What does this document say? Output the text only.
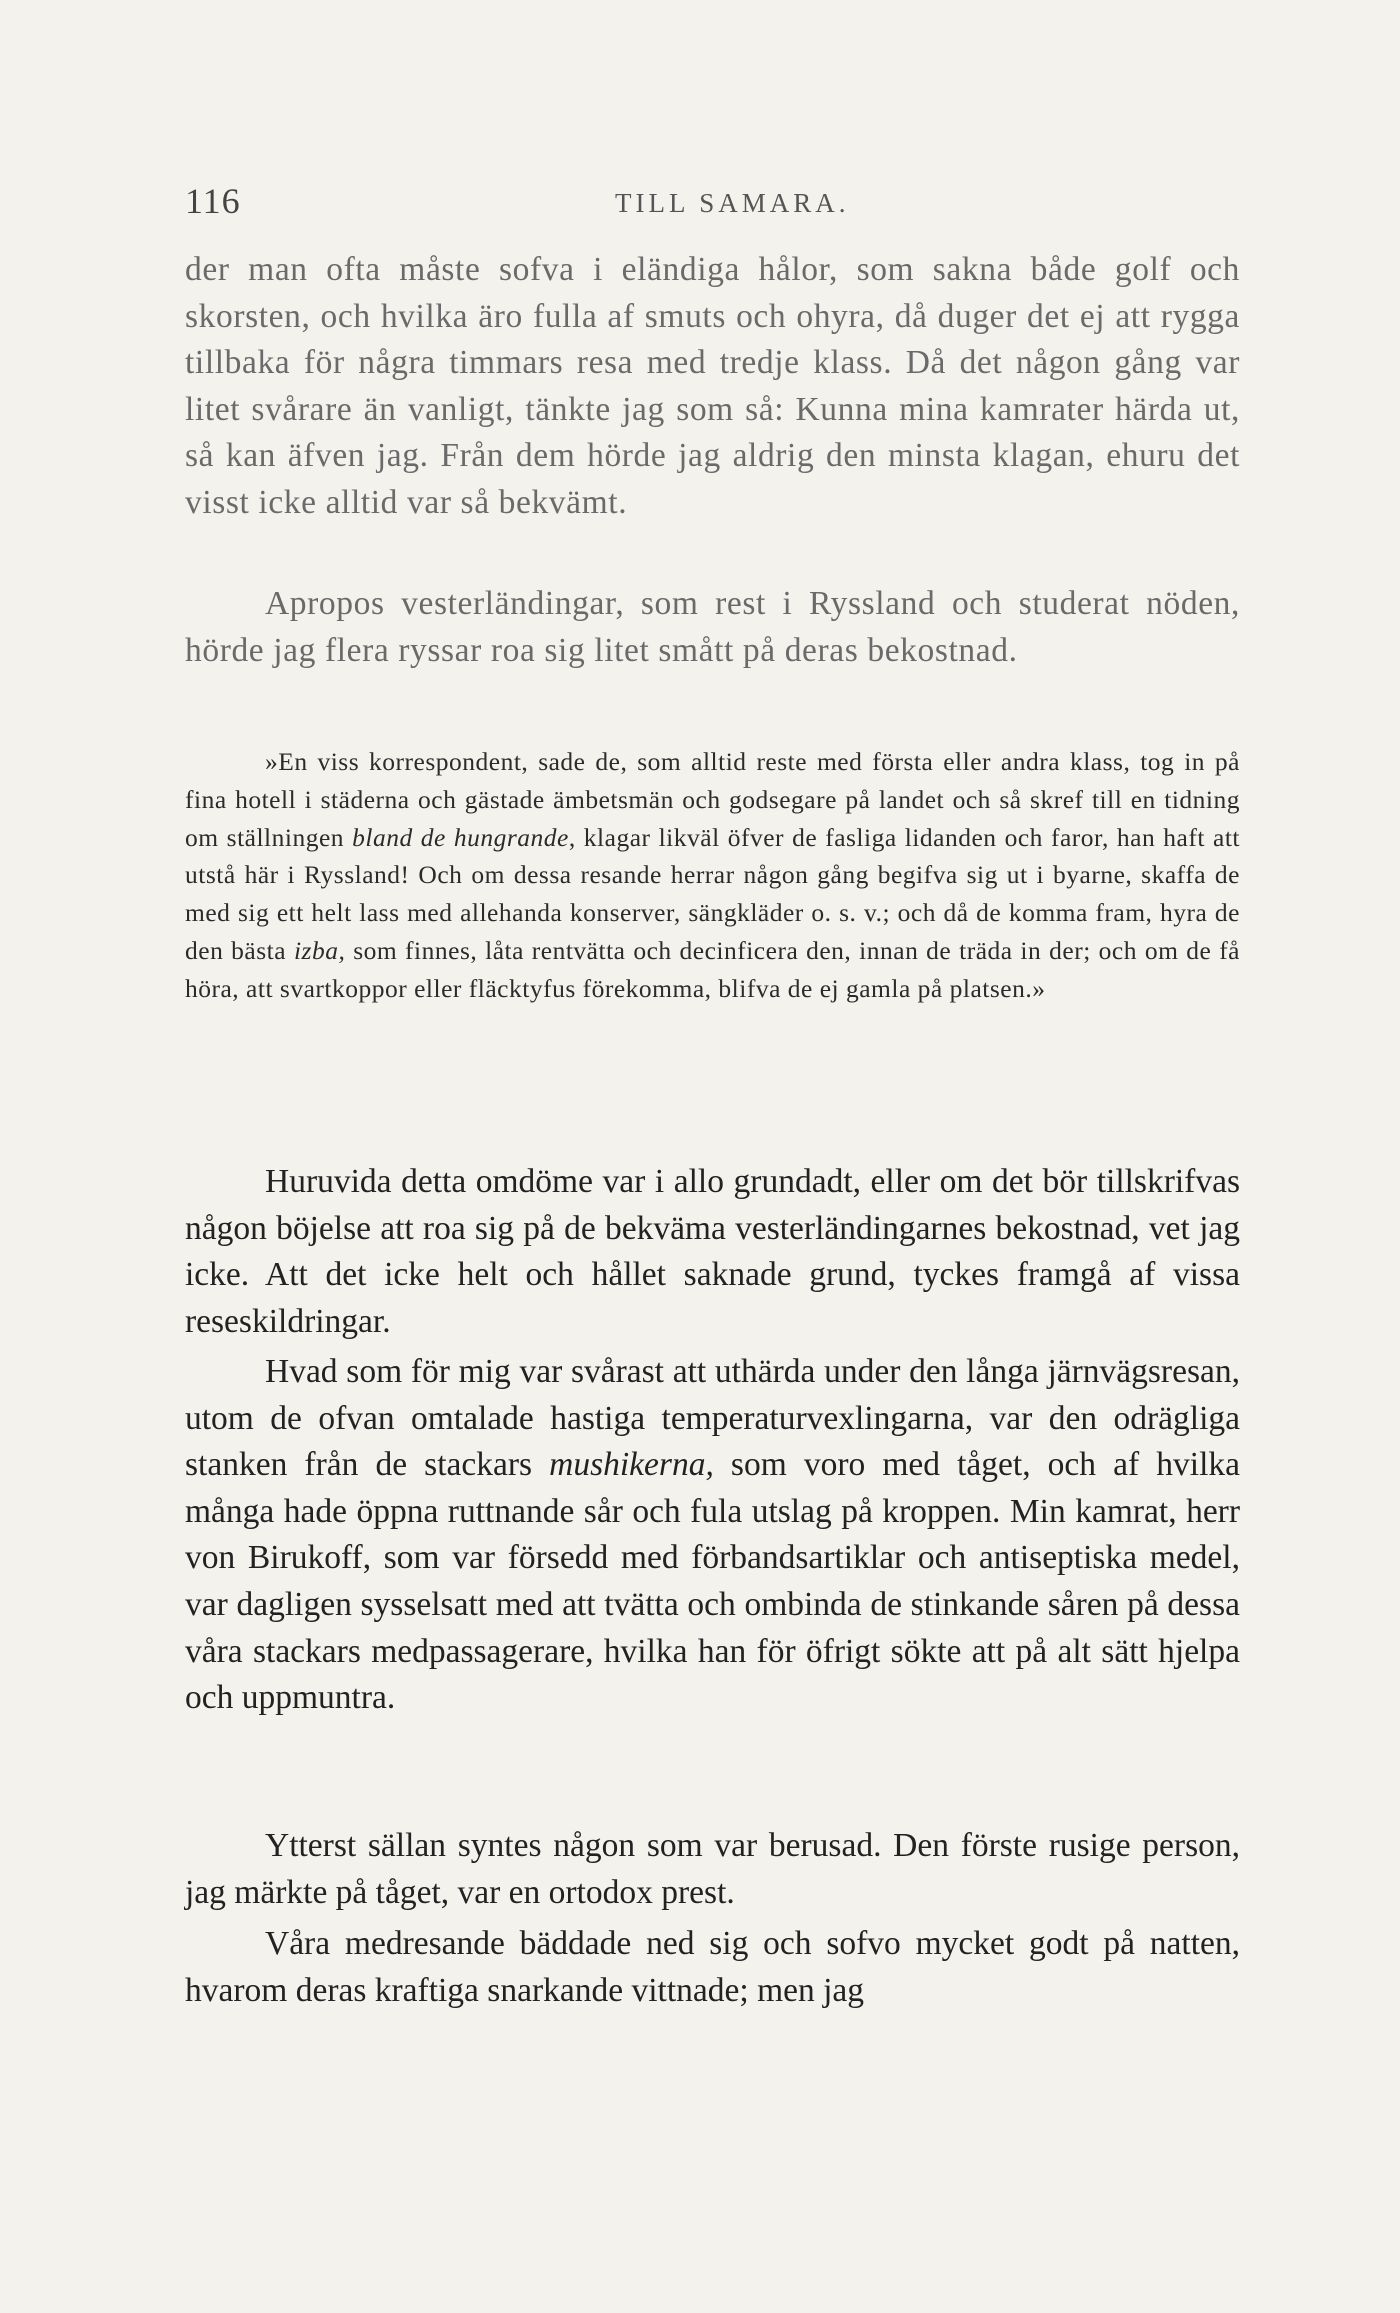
116	TILL SAMARA.

der man ofta måste sofva i eländiga hålor, som sakna både golf och skorsten, och hvilka äro fulla af smuts och ohyra, då duger det ej att rygga tillbaka för några timmars resa med tredje klass. Då det någon gång var litet svårare än vanligt, tänkte jag som så: Kunna mina kamrater härda ut, så kan äfven jag. Från dem hörde jag aldrig den minsta klagan, ehuru det visst icke alltid var så bekvämt.

Apropos vesterländingar, som rest i Ryssland och studerat nöden, hörde jag flera ryssar roa sig litet smått på deras bekostnad.

»En viss korrespondent, sade de, som alltid reste med första eller andra klass, tog in på fina hotell i städerna och gästade ämbetsmän och godsegare på landet och så skref till en tidning om ställningen bland de hungrande, klagar likväl öfver de fasliga lidanden och faror, han haft att utstå här i Ryssland! Och om dessa resande herrar någon gång begifva sig ut i byarne, skaffa de med sig ett helt lass med allehanda konserver, sängkläder o. s. v.; och då de komma fram, hyra de den bästa izba, som finnes, låta rentvätta och decinficera den, innan de träda in der; och om de få höra, att svartkoppor eller fläcktyfus förekomma, blifva de ej gamla på platsen.»

Huruvida detta omdöme var i allo grundadt, eller om det bör tillskrifvas någon böjelse att roa sig på de bekväma vesterländingarnes bekostnad, vet jag icke. Att det icke helt och hållet saknade grund, tyckes framgå af vissa reseskildringar.

Hvad som för mig var svårast att uthärda under den långa järnvägsresan, utom de ofvan omtalade hastiga temperaturvexlingarna, var den odrägliga stanken från de stackars mushikerna, som voro med tåget, och af hvilka många hade öppna ruttnande sår och fula utslag på kroppen. Min kamrat, herr von Birukoff, som var försedd med förbandsartiklar och antiseptiska medel, var dagligen sysselsatt med att tvätta och ombinda de stinkande såren på dessa våra stackars medpassagerare, hvilka han för öfrigt sökte att på alt sätt hjelpa och uppmuntra.

Ytterst sällan syntes någon som var berusad. Den förste rusige person, jag märkte på tåget, var en ortodox prest.

Våra medresande bäddade ned sig och sofvo mycket godt på natten, hvarom deras kraftiga snarkande vittnade; men jag
